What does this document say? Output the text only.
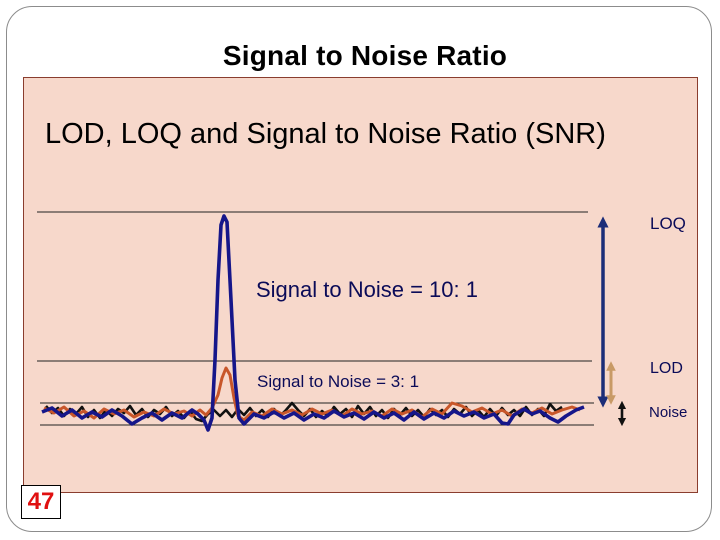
Signal to Noise Ratio
LOD, LOQ and Signal to Noise Ratio (SNR)
Signal to Noise = 10: 1
Signal to Noise = 3: 1
LOQ
LOD
Noise
47
